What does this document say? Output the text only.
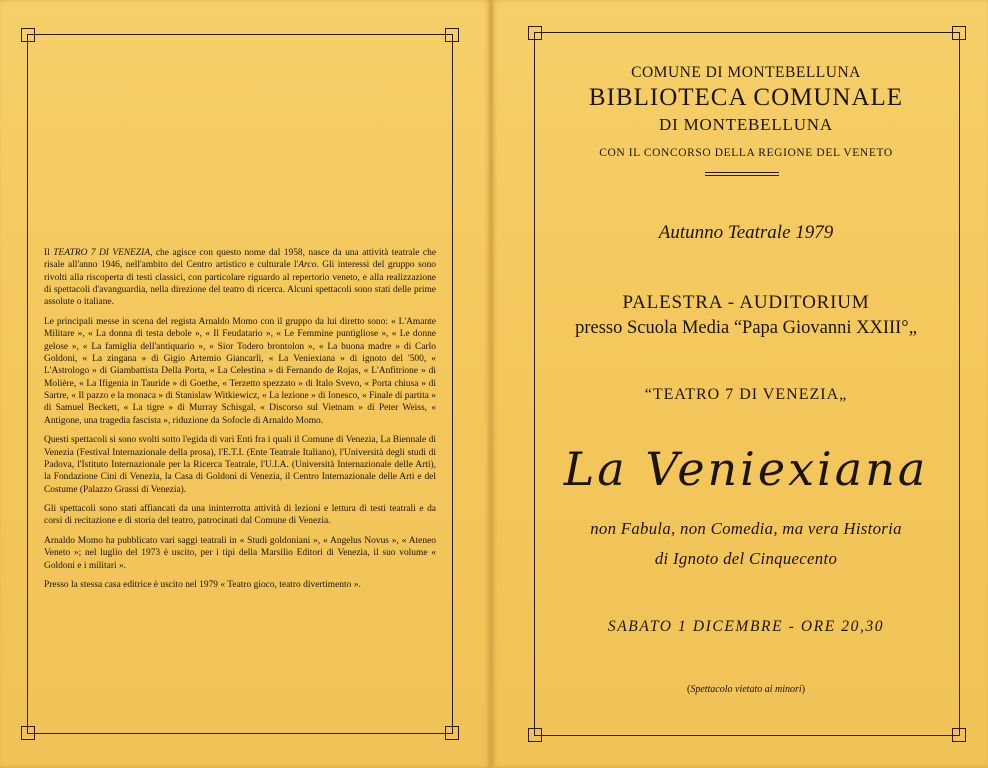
Il TEATRO 7 DI VENEZIA, che agisce con questo nome dal 1958, nasce da una attività teatrale che risale all'anno 1946, nell'ambito del Centro artistico e culturale l'Arco. Gli interessi del gruppo sono rivolti alla riscoperta di testi classici, con particolare riguardo al repertorio veneto, e alla realizzazione di spettacoli d'avanguardia, nella direzione del teatro di ricerca. Alcuni spettacoli sono stati delle prime assolute o italiane.

Le principali messe in scena del regista Arnaldo Momo con il gruppo da lui diretto sono: « L'Amante Militare », « La donna di testa debole », « Il Feudatario », « Le Femmine puntigliose », « Le donne gelose », « La famiglia dell'antiquario », « Sior Todero brontolon », « La buona madre » di Carlo Goldoni, « La zingana » di Gigio Artemio Giancarli, « La Veniexiana » di ignoto del '500, « L'Astrologo » di Giambattista Della Porta, « La Celestina » di Fernando de Rojas, « L'Anfitrione » di Molière, « La Ifigenia in Tauride » di Goethe, « Terzetto spezzato » di Italo Svevo, « Porta chiusa » di Sartre, « Il pazzo e la monaca » di Stanislaw Witkiewicz, « La lezione » di Ionesco, « Finale di partita » di Samuel Beckett, « La tigre » di Murray Schisgal, « Discorso sul Vietnam » di Peter Weiss, « Antigone, una tragedia fascista », riduzione da Sofocle di Arnaldo Momo.

Questi spettacoli si sono svolti sotto l'egida di vari Enti fra i quali il Comune di Venezia, La Biennale di Venezia (Festival Internazionale della prosa), l'E.T.I. (Ente Teatrale Italiano), l'Università degli studi di Padova, l'Istituto Internazionale per la Ricerca Teatrale, l'U.I.A. (Università Internazionale delle Arti), la Fondazione Cini di Venezia, la Casa di Goldoni di Venezia, il Centro Internazionale delle Arti e del Costume (Palazzo Grassi di Venezia).

Gli spettacoli sono stati affiancati da una ininterrotta attività di lezioni e lettura di testi teatrali e da corsi di recitazione e di storia del teatro, patrocinati dal Comune di Venezia.

Arnaldo Momo ha pubblicato vari saggi teatrali in « Studi goldoniani », « Angelus Novus », « Ateneo Veneto »; nel luglio del 1973 è uscito, per i tipi della Marsilio Editori di Venezia, il suo volume « Goldoni e i militari ».

Presso la stessa casa editrice è uscito nel 1979 « Teatro gioco, teatro divertimento ».

COMUNE DI MONTEBELLUNA
BIBLIOTECA COMUNALE
DI MONTEBELLUNA
CON IL CONCORSO DELLA REGIONE DEL VENETO
Autunno Teatrale 1979
PALESTRA - AUDITORIUM
presso Scuola Media “Papa Giovanni XXIII°„
“TEATRO 7 DI VENEZIA„
La Veniexiana
non Fabula, non Comedia, ma vera Historia
di Ignoto del Cinquecento
SABATO 1 DICEMBRE - ORE 20,30
(Spettacolo vietato ai minori)
